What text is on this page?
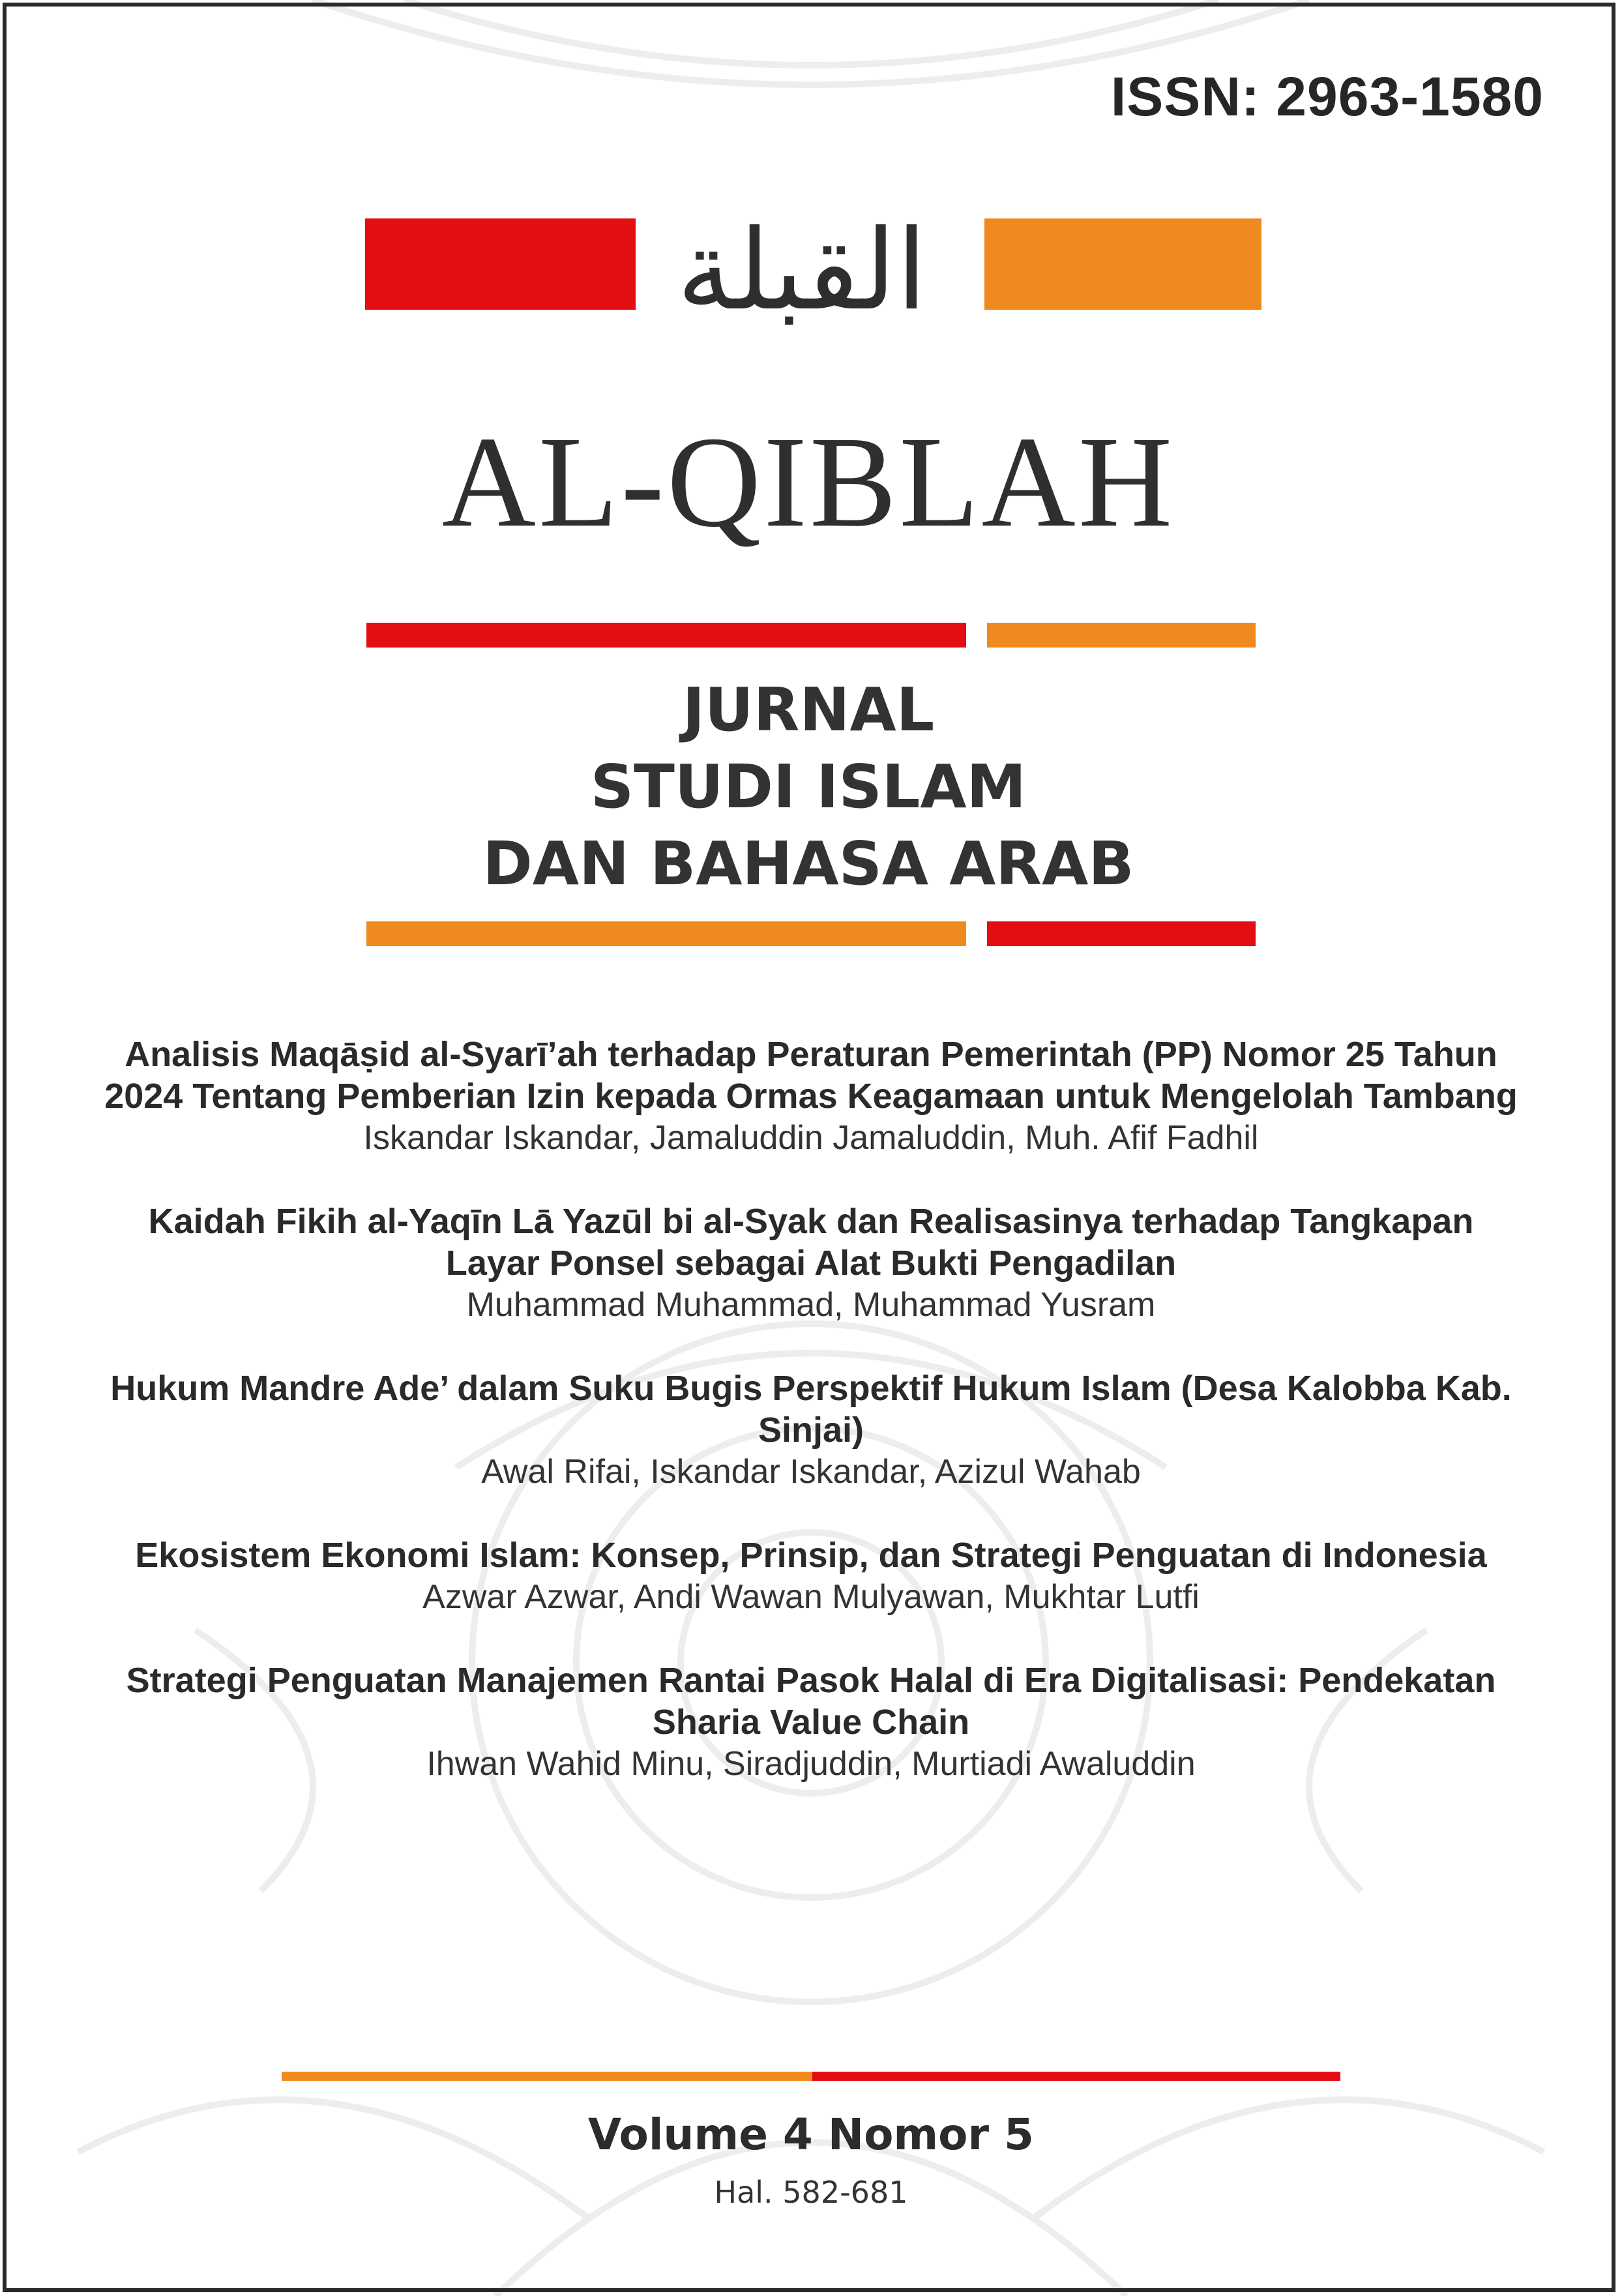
ISSN: 2963-1580
القبلة
AL-QIBLAH
JURNAL
STUDI ISLAM
DAN BAHASA ARAB
Analisis Maqāṣid al-Syarī’ah terhadap Peraturan Pemerintah (PP) Nomor 25 Tahun 2024 Tentang Pemberian Izin kepada Ormas Keagamaan untuk Mengelolah Tambang
Iskandar Iskandar, Jamaluddin Jamaluddin, Muh. Afif Fadhil
Kaidah Fikih al-Yaqīn Lā Yazūl bi al-Syak dan Realisasinya terhadap Tangkapan Layar Ponsel sebagai Alat Bukti Pengadilan
Muhammad Muhammad, Muhammad Yusram
Hukum Mandre Ade’ dalam Suku Bugis Perspektif Hukum Islam (Desa Kalobba Kab. Sinjai)
Awal Rifai, Iskandar Iskandar, Azizul Wahab
Ekosistem Ekonomi Islam: Konsep, Prinsip, dan Strategi Penguatan di Indonesia
Azwar Azwar, Andi Wawan Mulyawan, Mukhtar Lutfi
Strategi Penguatan Manajemen Rantai Pasok Halal di Era Digitalisasi: Pendekatan Sharia Value Chain
Ihwan Wahid Minu, Siradjuddin, Murtiadi Awaluddin
Volume 4 Nomor 5
Hal. 582-681
